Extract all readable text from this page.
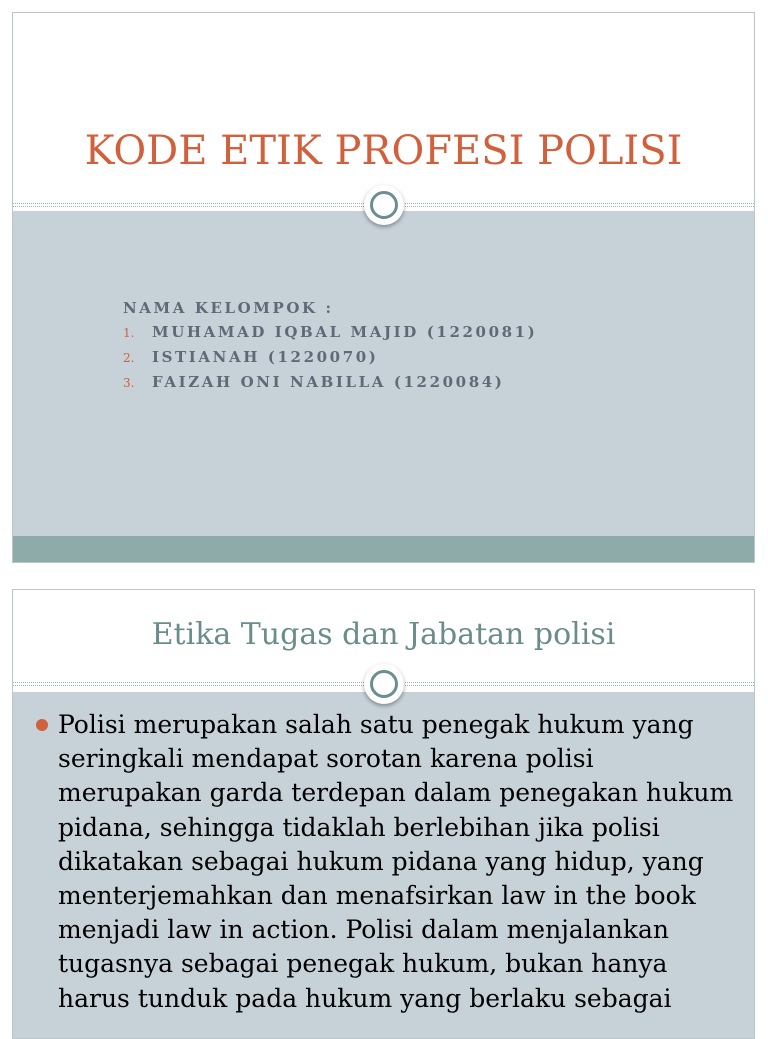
KODE ETIK PROFESI POLISI
NAMA KELOMPOK :
1.	MUHAMAD IQBAL MAJID (1220081)
2.	ISTIANAH (1220070)
3.	FAIZAH ONI NABILLA (1220084)
Etika Tugas dan Jabatan polisi
Polisi merupakan salah satu penegak hukum yang seringkali mendapat sorotan karena polisi merupakan garda terdepan dalam penegakan hukum pidana, sehingga tidaklah berlebihan jika polisi dikatakan sebagai hukum pidana yang hidup, yang menterjemahkan dan menafsirkan law in the book menjadi law in action. Polisi dalam menjalankan tugasnya sebagai penegak hukum, bukan hanya harus tunduk pada hukum yang berlaku sebagai
